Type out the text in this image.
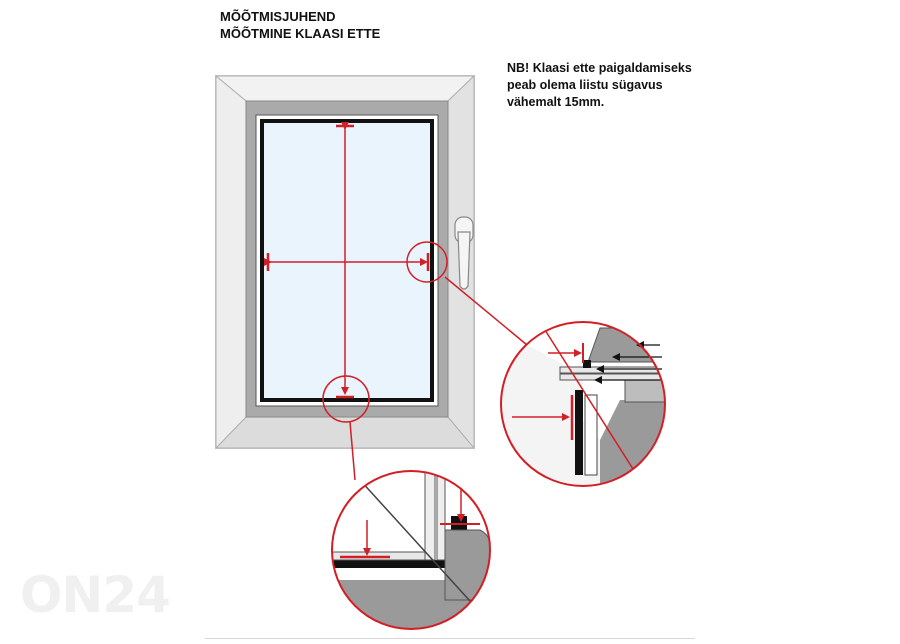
MÕÕTMISJUHEND
MÕÕTMINE KLAASI ETTE
NB! Klaasi ette paigaldamiseks
peab olema liistu sügavus
vähemalt 15mm.
ON24
